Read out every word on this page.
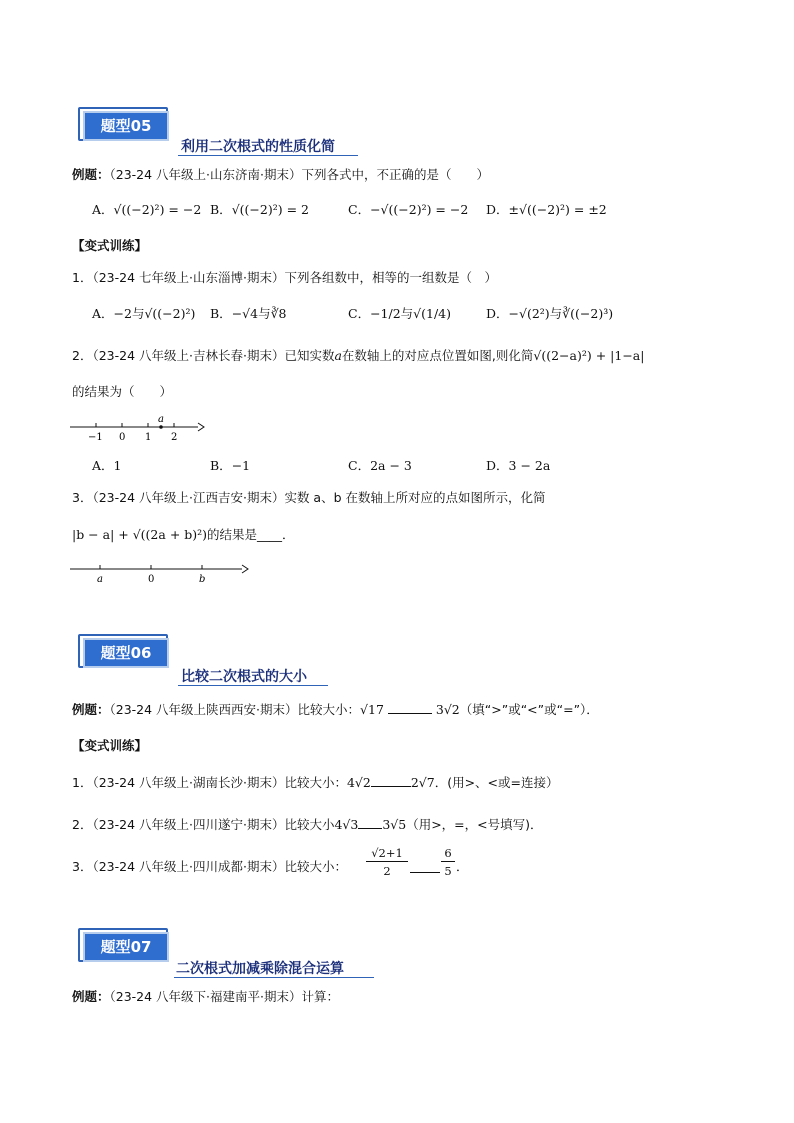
题型05
利用二次根式的性质化简
例题：（23-24 八年级上·山东济南·期末）下列各式中，不正确的是（　　）
A．√((−2)²) = −2 B．√((−2)²) = 2	C．−√((−2)²) = −2 D．±√((−2)²) = ±2
【变式训练】
1．（23-24 七年级上·山东淄博·期末）下列各组数中，相等的一组数是（　）
A．−2与√((−2)²) B．−√4与∛8	C．−1/2与√(1/4)	D．−√(2²)与∛((−2)³)
2．（23-24 八年级上·吉林长春·期末）已知实数a在数轴上的对应点位置如图,则化简√((2−a)²) + |1−a|
的结果为（　　）
−1 0 1 2
a
A．1	B．−1	C．2a − 3	D．3 − 2a
3．（23-24 八年级上·江西吉安·期末）实数 a、b 在数轴上所对应的点如图所示，化简
|b − a| + √((2a + b)²)的结果是____．
a	0	b
题型06
比较二次根式的大小
例题：（23-24 八年级上陕西西安·期末）比较大小：√17	3√2（填“>”或“<”或“=”）．
【变式训练】
1．（23-24 八年级上·湖南长沙·期末）比较大小：4√2	2√7．(用>、<或=连接）
2．（23-24 八年级上·四川遂宁·期末）比较大小4√3 3√5（用>，=，<号填写)．
3．（23-24 八年级上·四川成都·期末）比较大小：
√2+1
2
6
5 ．
题型07
二次根式加减乘除混合运算
例题：（23-24 八年级下·福建南平·期末）计算：
